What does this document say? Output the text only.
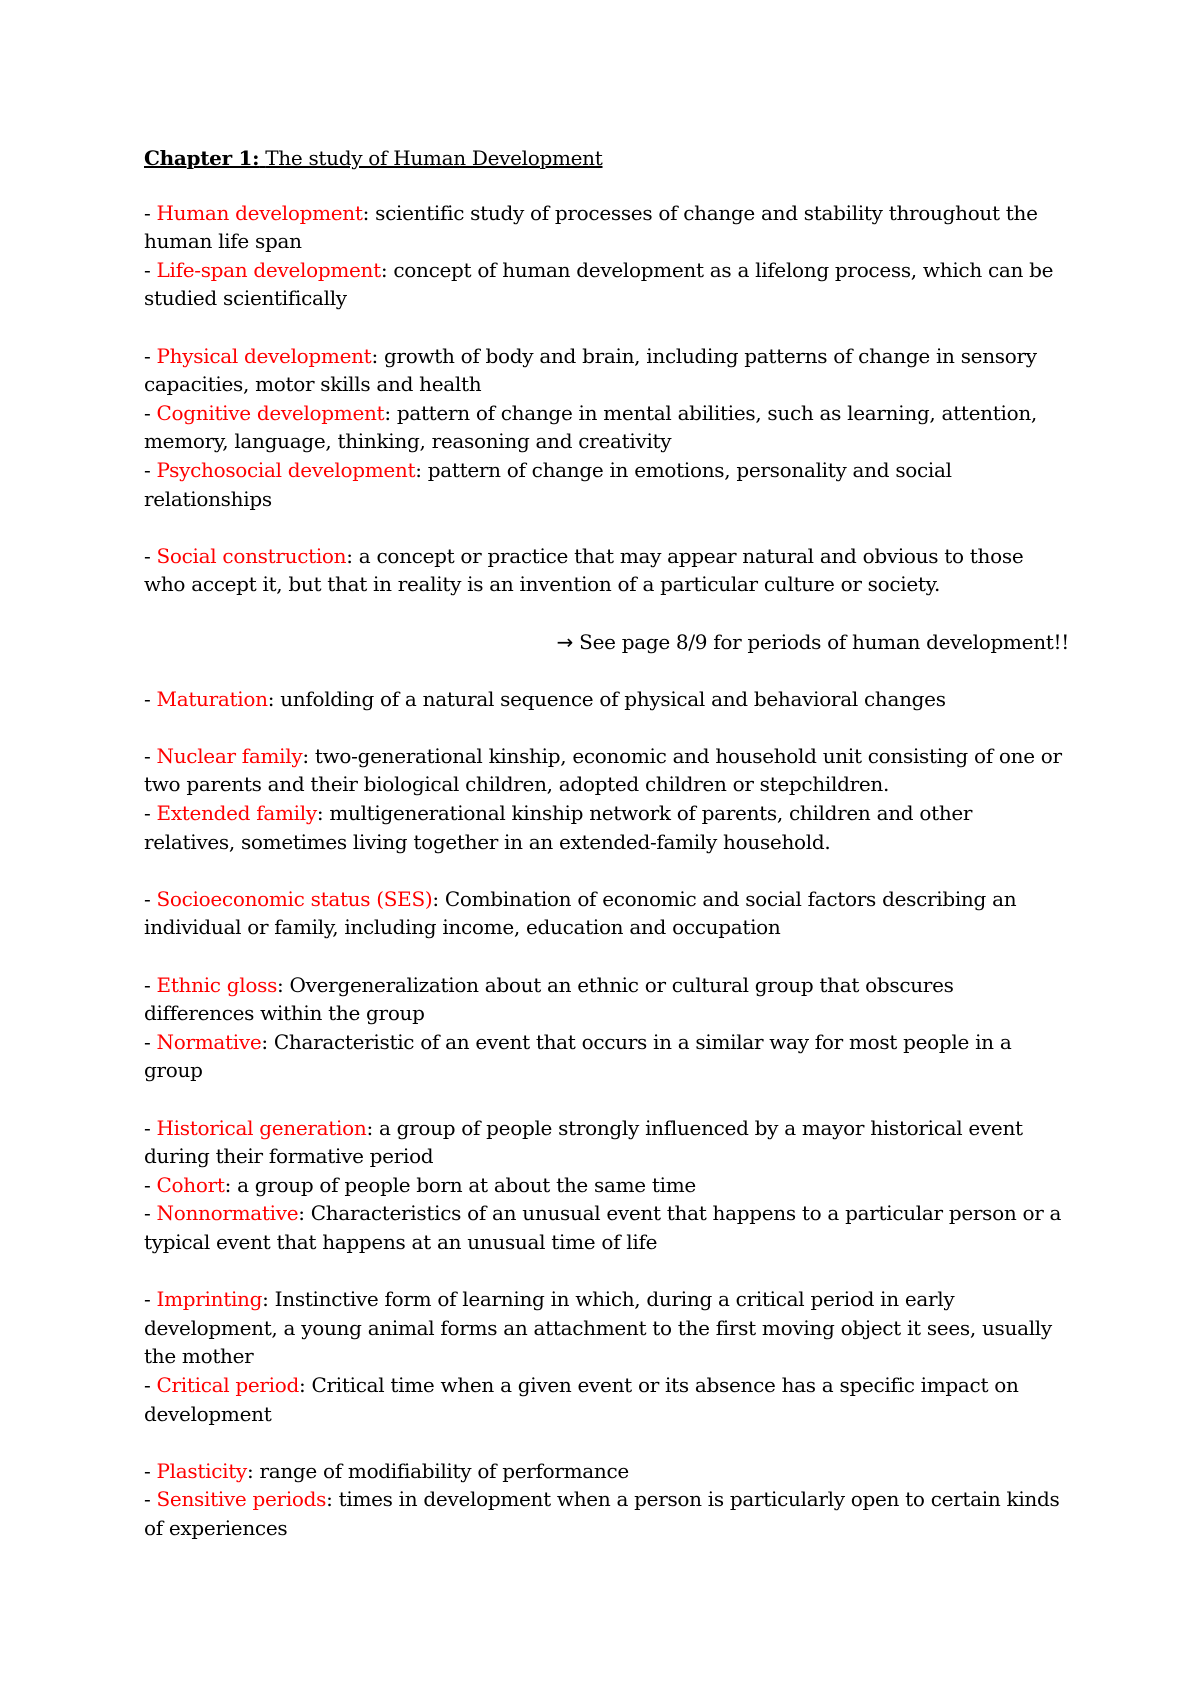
Chapter 1: The study of Human Development

- Human development: scientific study of processes of change and stability throughout the human life span

- Life-span development: concept of human development as a lifelong process, which can be studied scientifically

- Physical development: growth of body and brain, including patterns of change in sensory capacities, motor skills and health

- Cognitive development: pattern of change in mental abilities, such as learning, attention, memory, language, thinking, reasoning and creativity

- Psychosocial development: pattern of change in emotions, personality and social relationships

- Social construction: a concept or practice that may appear natural and obvious to those who accept it, but that in reality is an invention of a particular culture or society.

→ See page 8/9 for periods of human development!!

- Maturation: unfolding of a natural sequence of physical and behavioral changes

- Nuclear family: two-generational kinship, economic and household unit consisting of one or two parents and their biological children, adopted children or stepchildren.

- Extended family: multigenerational kinship network of parents, children and other relatives, sometimes living together in an extended-family household.

- Socioeconomic status (SES): Combination of economic and social factors describing an individual or family, including income, education and occupation

- Ethnic gloss: Overgeneralization about an ethnic or cultural group that obscures differences within the group

- Normative: Characteristic of an event that occurs in a similar way for most people in a group

- Historical generation: a group of people strongly influenced by a mayor historical event during their formative period

- Cohort: a group of people born at about the same time

- Nonnormative: Characteristics of an unusual event that happens to a particular person or a typical event that happens at an unusual time of life

- Imprinting: Instinctive form of learning in which, during a critical period in early development, a young animal forms an attachment to the first moving object it sees, usually the mother

- Critical period: Critical time when a given event or its absence has a specific impact on development

- Plasticity: range of modifiability of performance

- Sensitive periods: times in development when a person is particularly open to certain kinds of experiences
